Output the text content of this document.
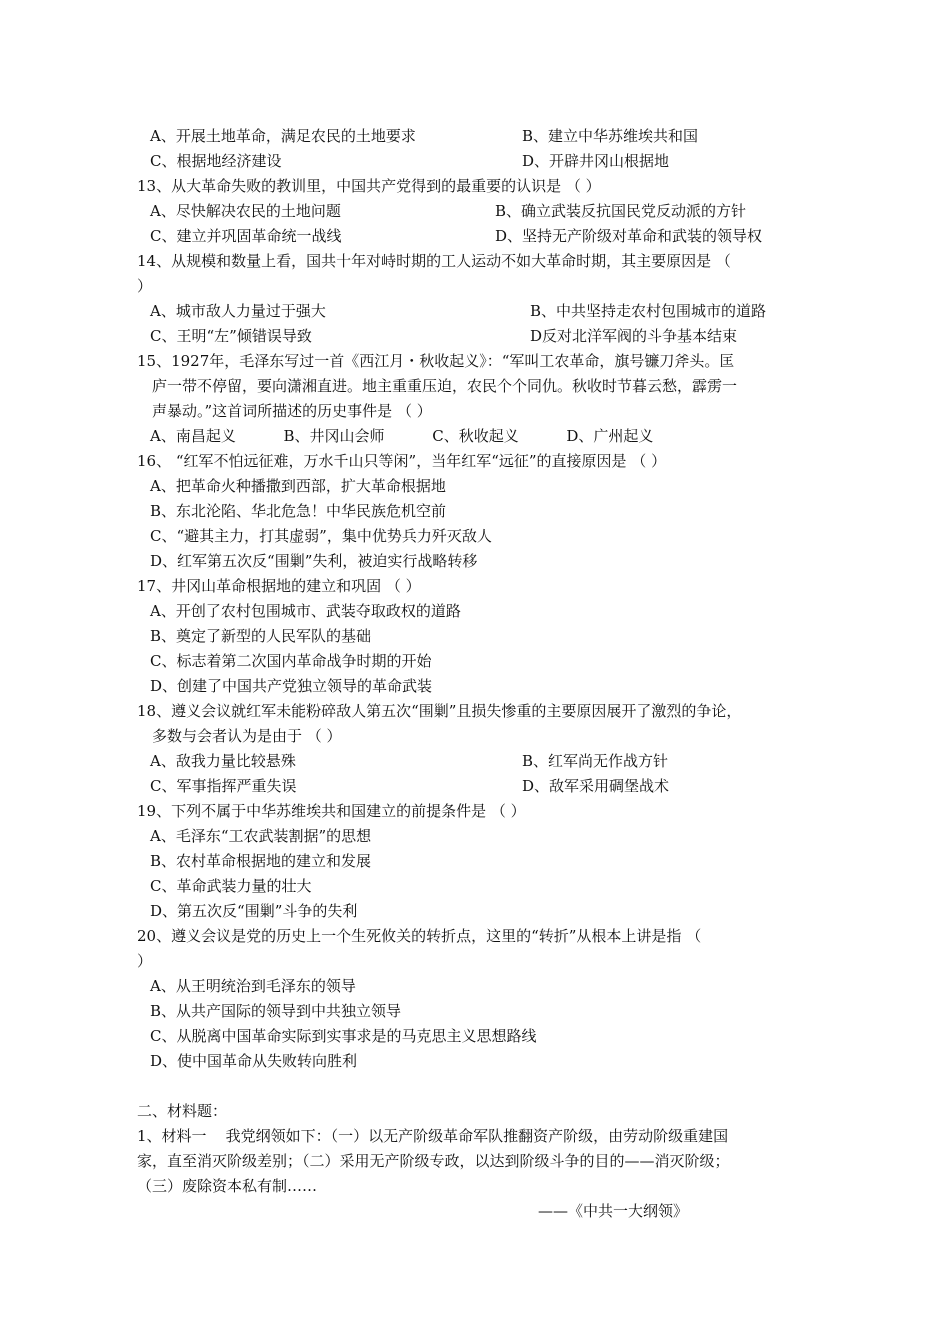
A、开展土地革命，满足农民的土地要求	B、建立中华苏维埃共和国
C、根据地经济建设	D、开辟井冈山根据地
13、从大革命失败的教训里，中国共产党得到的最重要的认识是 （ ）
A、尽快解决农民的土地问题	B、确立武装反抗国民党反动派的方针
C、建立并巩固革命统一战线	D、坚持无产阶级对革命和武装的领导权
14、从规模和数量上看，国共十年对峙时期的工人运动不如大革命时期，其主要原因是 （
）
A、城市敌人力量过于强大	B、中共坚持走农村包围城市的道路
C、王明“左”倾错误导致	D反对北洋军阀的斗争基本结束
15、1927年，毛泽东写过一首《西江月・秋收起义》：“军叫工农革命，旗号镰刀斧头。匡
庐一带不停留，要向潇湘直进。地主重重压迫，农民个个同仇。秋收时节暮云愁，霹雳一
声暴动。”这首词所描述的历史事件是 （ ）
A、南昌起义          B、井冈山会师          C、秋收起义          D、广州起义
16、 “红军不怕远征难，万水千山只等闲”，当年红军“远征”的直接原因是 （ ）
A、把革命火种播撒到西部，扩大革命根据地
B、东北沦陷、华北危急！中华民族危机空前
C、“避其主力，打其虚弱”，集中优势兵力歼灭敌人
D、红军第五次反“围剿”失利，被迫实行战略转移
17、井冈山革命根据地的建立和巩固 （ ）
A、开创了农村包围城市、武装夺取政权的道路
B、奠定了新型的人民军队的基础
C、标志着第二次国内革命战争时期的开始
D、创建了中国共产党独立领导的革命武装
18、遵义会议就红军未能粉碎敌人第五次“围剿”且损失惨重的主要原因展开了激烈的争论，
多数与会者认为是由于 （ ）
A、敌我力量比较悬殊	B、红军尚无作战方针
C、军事指挥严重失误	D、敌军采用碉堡战术
19、下列不属于中华苏维埃共和国建立的前提条件是 （ ）
A、毛泽东“工农武装割据”的思想
B、农村革命根据地的建立和发展
C、革命武装力量的壮大
D、第五次反“围剿”斗争的失利
20、遵义会议是党的历史上一个生死攸关的转折点，这里的“转折”从根本上讲是指 （
）
A、从王明统治到毛泽东的领导
B、从共产国际的领导到中共独立领导
C、从脱离中国革命实际到实事求是的马克思主义思想路线
D、使中国革命从失败转向胜利
二、材料题：
1、材料一    我党纲领如下：（一）以无产阶级革命军队推翻资产阶级，由劳动阶级重建国
家，直至消灭阶级差别；（二）采用无产阶级专政，以达到阶级斗争的目的——消灭阶级；
（三）废除资本私有制……
——《中共一大纲领》
